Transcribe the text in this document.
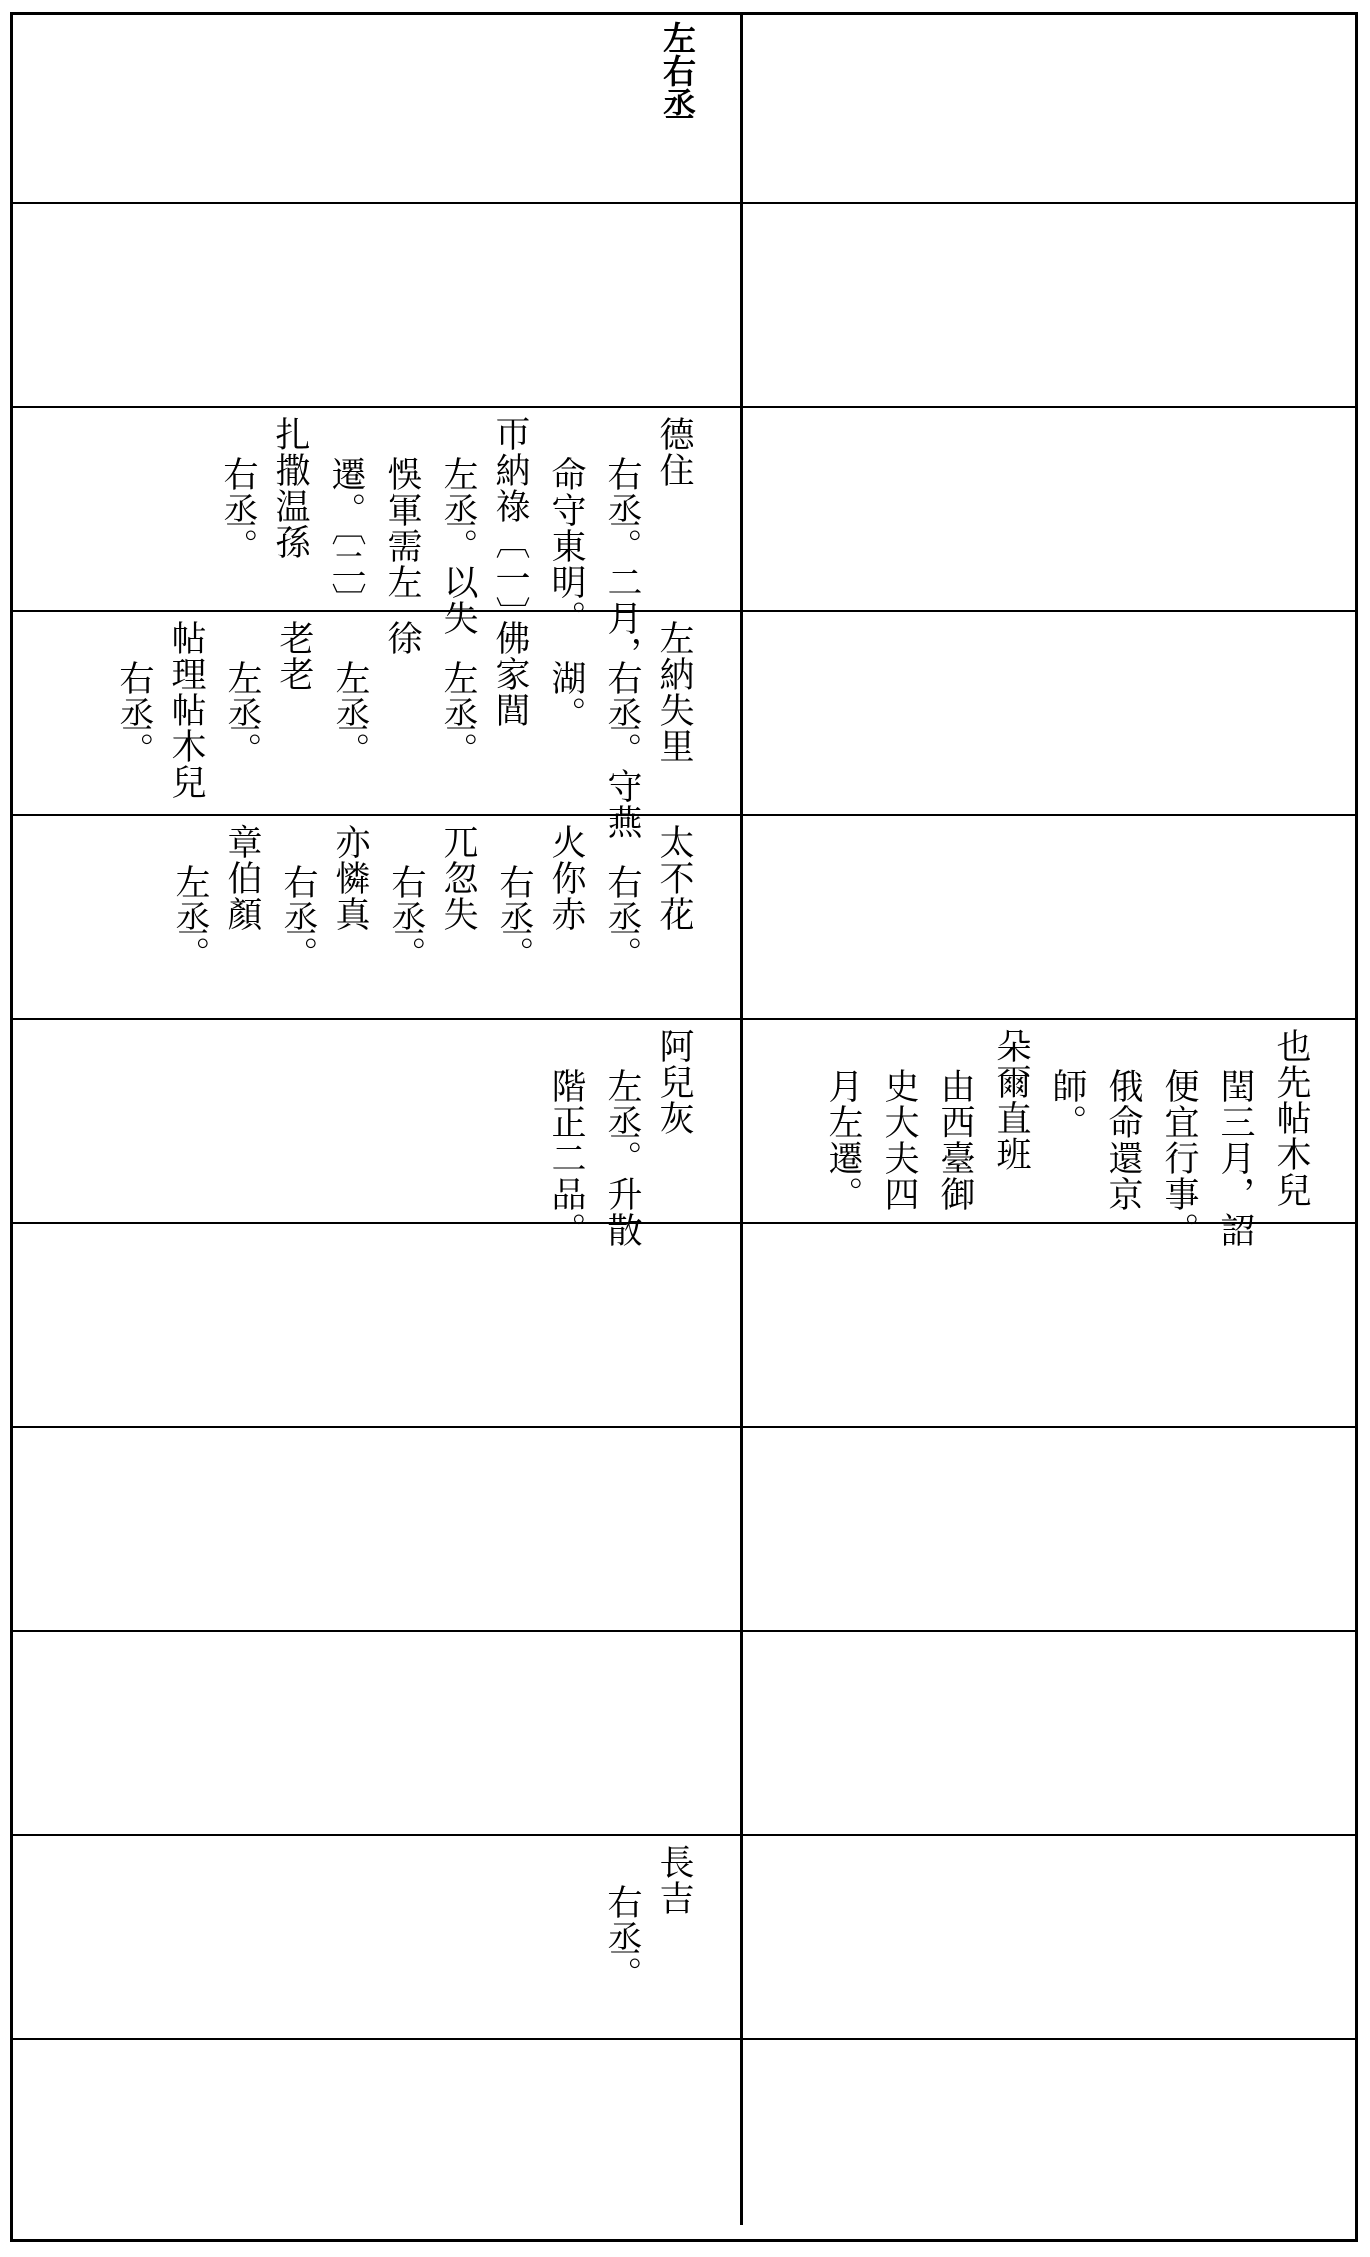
左右丞
德住
右丞。二月，
命守東明。
帀納祿〔一〕
左丞。以失
悞軍需左
遷。〔二〕
扎撒温孫
右丞。
左納失里
右丞。守燕
湖。
佛家閭
左丞。
徐
左丞。
老老
左丞。
帖理帖木兒
右丞。
太不花
右丞。
火你赤
右丞。
兀忽失
右丞。
亦憐真
右丞。
章伯顏
左丞。
阿兒灰
左丞。升散
階正二品。	也先帖木兒
閏三月，詔
便宜行事。
俄命還京
師。
朵爾直班
由西臺御
史大夫四
月左遷。
長吉
右丞。
